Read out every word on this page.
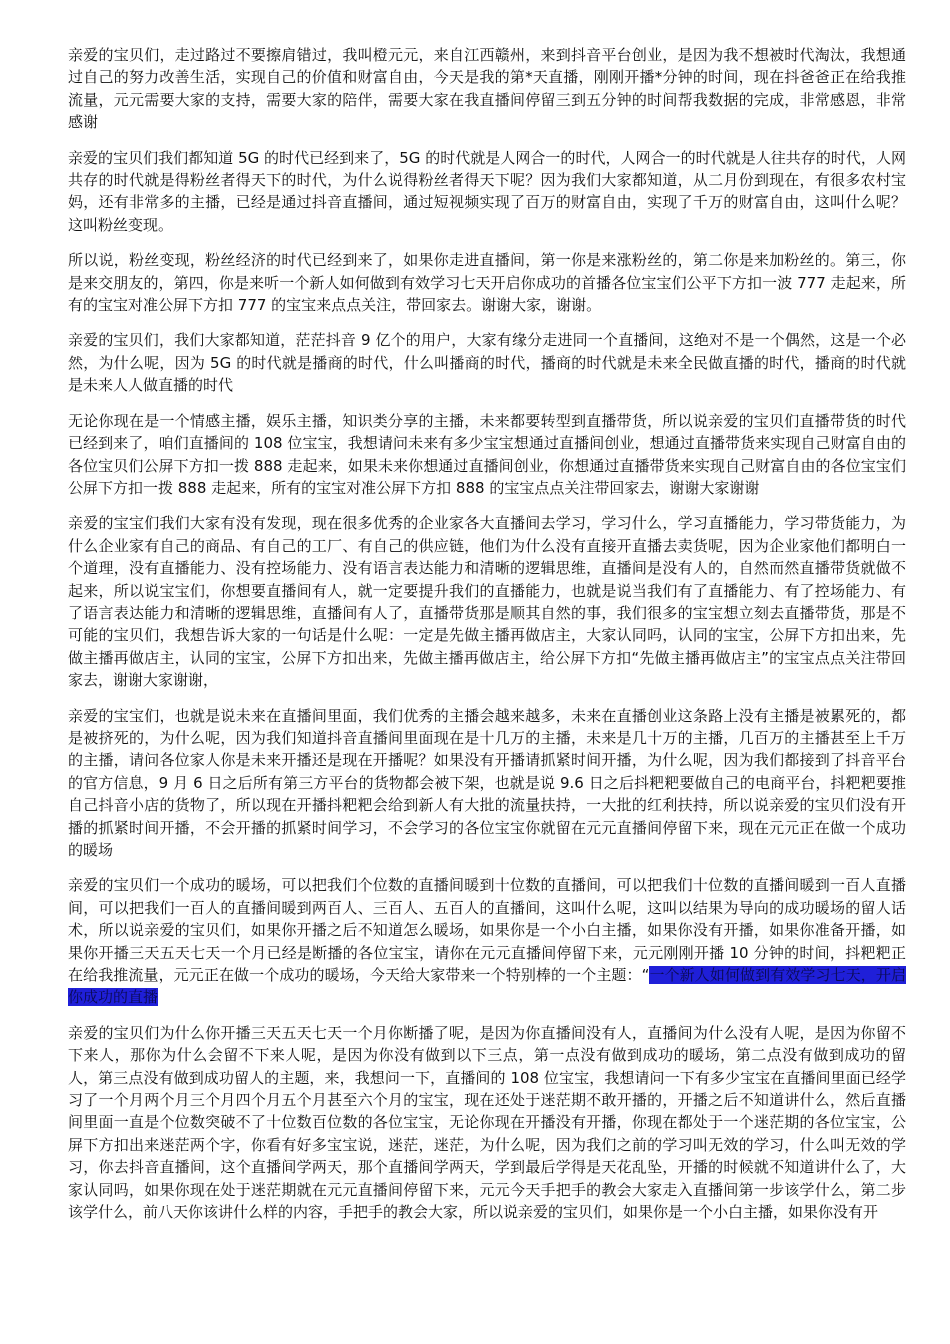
亲爱的宝贝们，走过路过不要擦肩错过，我叫橙元元，来自江西赣州，来到抖音平台创业，是因为我不想被时代淘汰，我想通过自己的努力改善生活，实现自己的价值和财富自由，今天是我的第*天直播，刚刚开播*分钟的时间，现在抖爸爸正在给我推流量，元元需要大家的支持，需要大家的陪伴，需要大家在我直播间停留三到五分钟的时间帮我数据的完成，非常感恩，非常感谢

亲爱的宝贝们我们都知道 5G 的时代已经到来了，5G 的时代就是人网合一的时代，人网合一的时代就是人往共存的时代，人网共存的时代就是得粉丝者得天下的时代，为什么说得粉丝者得天下呢？因为我们大家都知道，从二月份到现在，有很多农村宝妈，还有非常多的主播，已经是通过抖音直播间，通过短视频实现了百万的财富自由，实现了千万的财富自由，这叫什么呢？这叫粉丝变现。

所以说，粉丝变现，粉丝经济的时代已经到来了，如果你走进直播间，第一你是来涨粉丝的，第二你是来加粉丝的。第三，你是来交朋友的，第四，你是来听一个新人如何做到有效学习七天开启你成功的首播各位宝宝们公平下方扣一波 777 走起来，所有的宝宝对准公屏下方扣 777 的宝宝来点点关注，带回家去。谢谢大家，谢谢。

亲爱的宝贝们，我们大家都知道，茫茫抖音 9 亿个的用户，大家有缘分走进同一个直播间，这绝对不是一个偶然，这是一个必然，为什么呢，因为 5G 的时代就是播商的时代，什么叫播商的时代，播商的时代就是未来全民做直播的时代，播商的时代就是未来人人做直播的时代

无论你现在是一个情感主播，娱乐主播，知识类分享的主播，未来都要转型到直播带货，所以说亲爱的宝贝们直播带货的时代已经到来了，咱们直播间的 108 位宝宝，我想请问未来有多少宝宝想通过直播间创业，想通过直播带货来实现自己财富自由的各位宝贝们公屏下方扣一拨 888 走起来，如果未来你想通过直播间创业，你想通过直播带货来实现自己财富自由的各位宝宝们公屏下方扣一拨 888 走起来，所有的宝宝对准公屏下方扣 888 的宝宝点点关注带回家去，谢谢大家谢谢

亲爱的宝宝们我们大家有没有发现，现在很多优秀的企业家各大直播间去学习，学习什么，学习直播能力，学习带货能力，为什么企业家有自己的商品、有自己的工厂、有自己的供应链，他们为什么没有直接开直播去卖货呢，因为企业家他们都明白一个道理，没有直播能力、没有控场能力、没有语言表达能力和清晰的逻辑思维，直播间是没有人的，自然而然直播带货就做不起来，所以说宝宝们，你想要直播间有人，就一定要提升我们的直播能力，也就是说当我们有了直播能力、有了控场能力、有了语言表达能力和清晰的逻辑思维，直播间有人了，直播带货那是顺其自然的事，我们很多的宝宝想立刻去直播带货，那是不可能的宝贝们，我想告诉大家的一句话是什么呢：一定是先做主播再做店主，大家认同吗，认同的宝宝，公屏下方扣出来，先做主播再做店主，认同的宝宝，公屏下方扣出来，先做主播再做店主，给公屏下方扣“先做主播再做店主”的宝宝点点关注带回家去，谢谢大家谢谢，

亲爱的宝宝们，也就是说未来在直播间里面，我们优秀的主播会越来越多，未来在直播创业这条路上没有主播是被累死的，都是被挤死的，为什么呢，因为我们知道抖音直播间里面现在是十几万的主播，未来是几十万的主播，几百万的主播甚至上千万的主播，请问各位家人你是未来开播还是现在开播呢？如果没有开播请抓紧时间开播，为什么呢，因为我们都接到了抖音平台的官方信息，9 月 6 日之后所有第三方平台的货物都会被下架，也就是说 9.6 日之后抖粑粑要做自己的电商平台，抖粑粑要推自己抖音小店的货物了，所以现在开播抖粑粑会给到新人有大批的流量扶持，一大批的红利扶持，所以说亲爱的宝贝们没有开播的抓紧时间开播，不会开播的抓紧时间学习，不会学习的各位宝宝你就留在元元直播间停留下来，现在元元正在做一个成功的暖场

亲爱的宝贝们一个成功的暖场，可以把我们个位数的直播间暖到十位数的直播间，可以把我们十位数的直播间暖到一百人直播间，可以把我们一百人的直播间暖到两百人、三百人、五百人的直播间，这叫什么呢，这叫以结果为导向的成功暖场的留人话术，所以说亲爱的宝贝们，如果你开播之后不知道怎么暖场，如果你是一个小白主播，如果你没有开播，如果你准备开播，如果你开播三天五天七天一个月已经是断播的各位宝宝，请你在元元直播间停留下来，元元刚刚开播 10 分钟的时间，抖粑粑正在给我推流量，元元正在做一个成功的暖场，今天给大家带来一个特别棒的一个主题：“一个新人如何做到有效学习七天，开启你成功的直播

亲爱的宝贝们为什么你开播三天五天七天一个月你断播了呢，是因为你直播间没有人，直播间为什么没有人呢，是因为你留不下来人，那你为什么会留不下来人呢，是因为你没有做到以下三点，第一点没有做到成功的暖场，第二点没有做到成功的留人，第三点没有做到成功留人的主题，来，我想问一下，直播间的 108 位宝宝，我想请问一下有多少宝宝在直播间里面已经学习了一个月两个月三个月四个月五个月甚至六个月的宝宝，现在还处于迷茫期不敢开播的，开播之后不知道讲什么，然后直播间里面一直是个位数突破不了十位数百位数的各位宝宝，无论你现在开播没有开播，你现在都处于一个迷茫期的各位宝宝，公屏下方扣出来迷茫两个字，你看有好多宝宝说，迷茫，迷茫，为什么呢，因为我们之前的学习叫无效的学习，什么叫无效的学习，你去抖音直播间，这个直播间学两天，那个直播间学两天，学到最后学得是天花乱坠，开播的时候就不知道讲什么了，大家认同吗，如果你现在处于迷茫期就在元元直播间停留下来，元元今天手把手的教会大家走入直播间第一步该学什么，第二步该学什么，前八天你该讲什么样的内容，手把手的教会大家，所以说亲爱的宝贝们，如果你是一个小白主播，如果你没有开
